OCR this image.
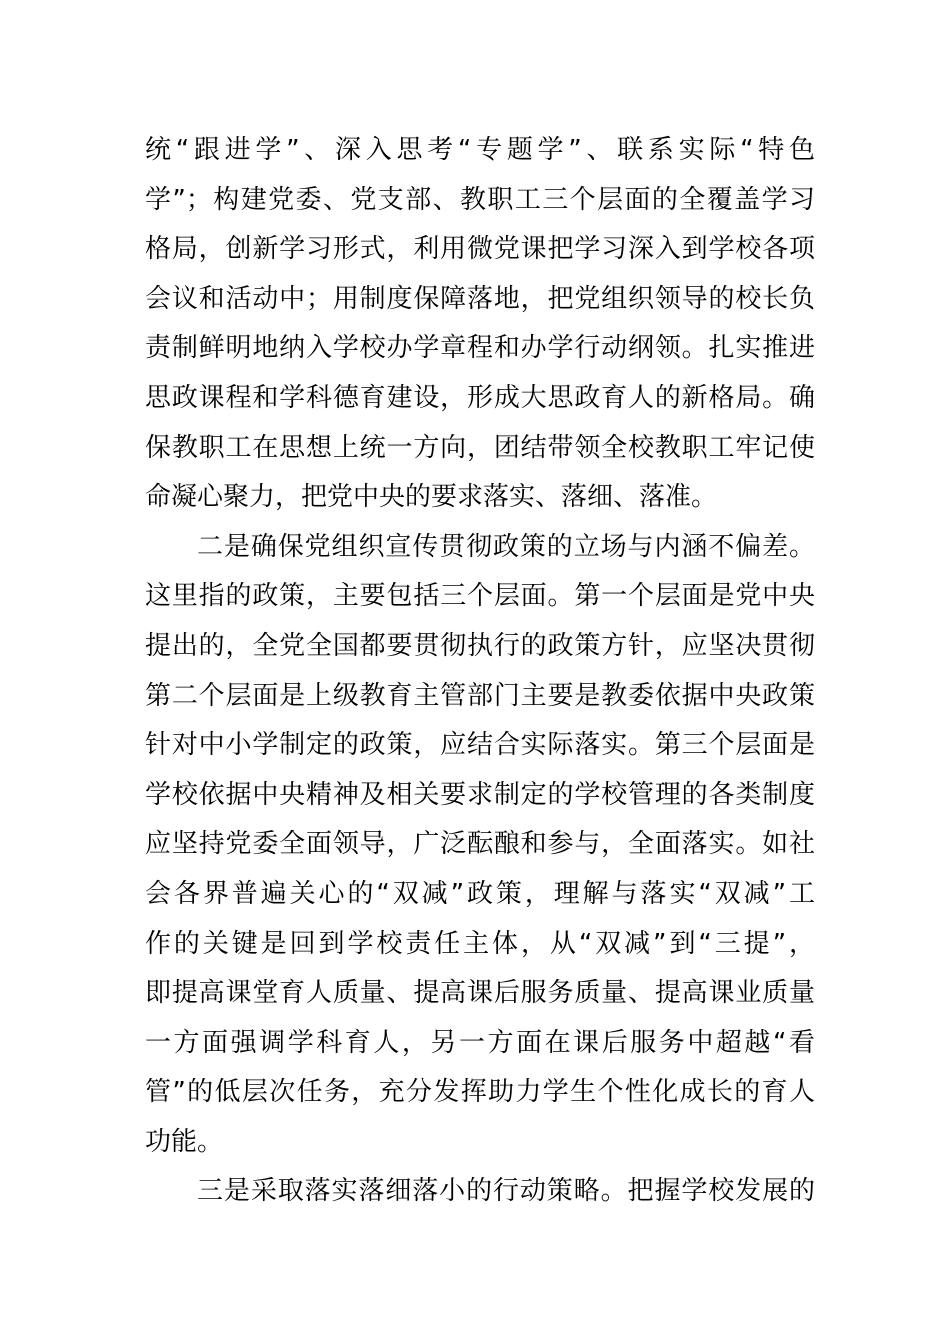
统“跟进学”、深入思考“专题学”、联系实际“特色
学”；构建党委、党支部、教职工三个层面的全覆盖学习
格局，创新学习形式，利用微党课把学习深入到学校各项
会议和活动中；用制度保障落地，把党组织领导的校长负
责制鲜明地纳入学校办学章程和办学行动纲领。扎实推进
思政课程和学科德育建设，形成大思政育人的新格局。确
保教职工在思想上统一方向，团结带领全校教职工牢记使
命凝心聚力，把党中央的要求落实、落细、落准。
二是确保党组织宣传贯彻政策的立场与内涵不偏差。
这里指的政策，主要包括三个层面。第一个层面是党中央
提出的，全党全国都要贯彻执行的政策方针，应坚决贯彻
第二个层面是上级教育主管部门主要是教委依据中央政策
针对中小学制定的政策，应结合实际落实。第三个层面是
学校依据中央精神及相关要求制定的学校管理的各类制度
应坚持党委全面领导，广泛酝酿和参与，全面落实。如社
会各界普遍关心的“双减”政策，理解与落实“双减”工
作的关键是回到学校责任主体，从“双减”到“三提”，
即提高课堂育人质量、提高课后服务质量、提高课业质量
一方面强调学科育人，另一方面在课后服务中超越“看
管”的低层次任务，充分发挥助力学生个性化成长的育人
功能。
三是采取落实落细落小的行动策略。把握学校发展的
